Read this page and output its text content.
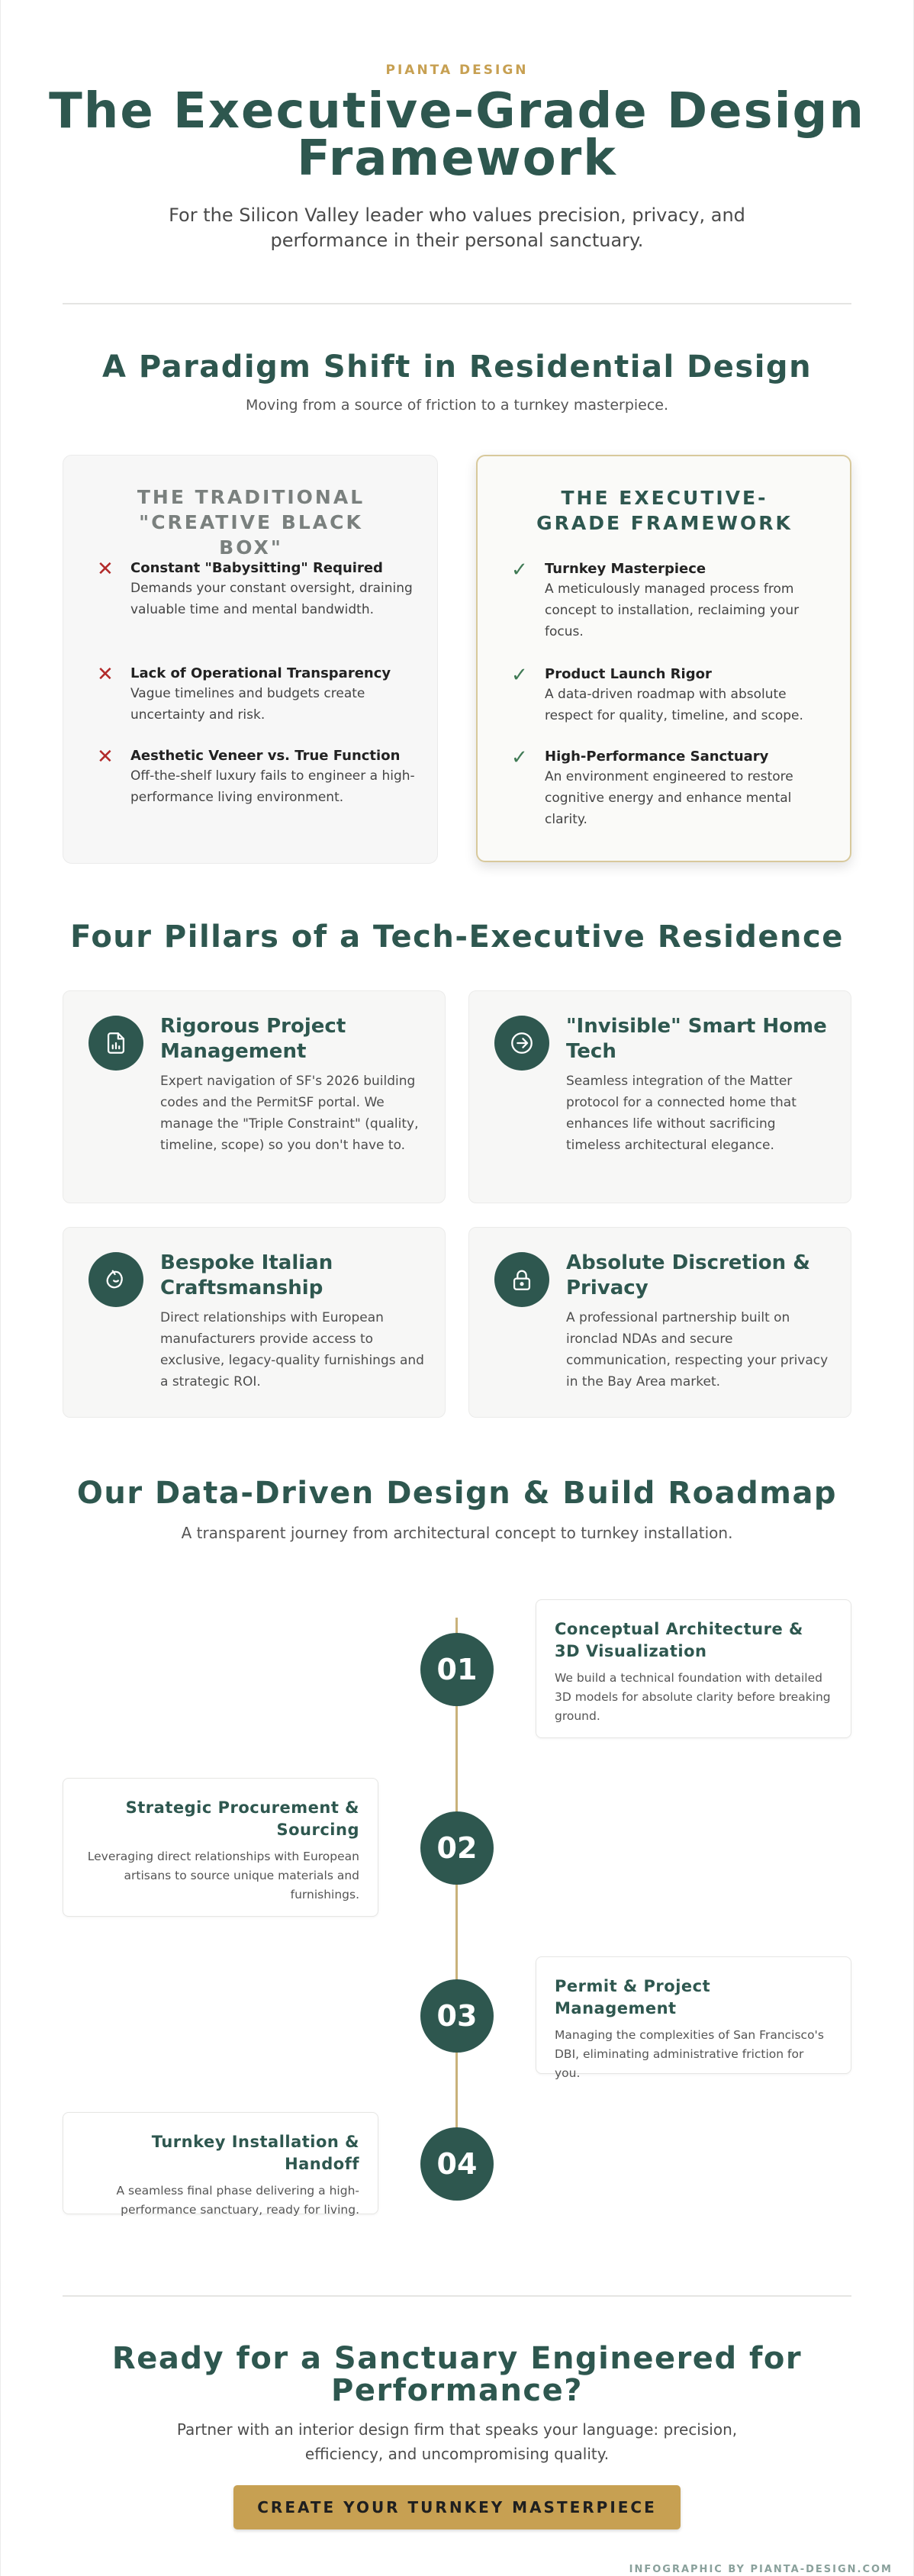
PIANTA DESIGN
The Executive-Grade Design Framework
For the Silicon Valley leader who values precision, privacy, and performance in their personal sanctuary.
A Paradigm Shift in Residential Design
Moving from a source of friction to a turnkey masterpiece.
THE TRADITIONAL "CREATIVE BLACK BOX"
✕ Constant "Babysitting" Required
Demands your constant oversight, draining valuable time and mental bandwidth.
✕ Lack of Operational Transparency
Vague timelines and budgets create uncertainty and risk.
✕ Aesthetic Veneer vs. True Function
Off-the-shelf luxury fails to engineer a high-performance living environment.
THE EXECUTIVE-GRADE FRAMEWORK
✓ Turnkey Masterpiece
A meticulously managed process from concept to installation, reclaiming your focus.
✓ Product Launch Rigor
A data-driven roadmap with absolute respect for quality, timeline, and scope.
✓ High-Performance Sanctuary
An environment engineered to restore cognitive energy and enhance mental clarity.
Four Pillars of a Tech-Executive Residence
Rigorous Project Management
Expert navigation of SF's 2026 building codes and the PermitSF portal. We manage the "Triple Constraint" (quality, timeline, scope) so you don't have to.
"Invisible" Smart Home Tech
Seamless integration of the Matter protocol for a connected home that enhances life without sacrificing timeless architectural elegance.
Bespoke Italian Craftsmanship
Direct relationships with European manufacturers provide access to exclusive, legacy-quality furnishings and a strategic ROI.
Absolute Discretion & Privacy
A professional partnership built on ironclad NDAs and secure communication, respecting your privacy in the Bay Area market.
Our Data-Driven Design & Build Roadmap
A transparent journey from architectural concept to turnkey installation.
01
02
03
04
Conceptual Architecture & 3D Visualization
We build a technical foundation with detailed 3D models for absolute clarity before breaking ground.
Strategic Procurement & Sourcing
Leveraging direct relationships with European artisans to source unique materials and furnishings.
Permit & Project Management
Managing the complexities of San Francisco's DBI, eliminating administrative friction for you.
Turnkey Installation & Handoff
A seamless final phase delivering a high-performance sanctuary, ready for living.
Ready for a Sanctuary Engineered for Performance?
Partner with an interior design firm that speaks your language: precision, efficiency, and uncompromising quality.
CREATE YOUR TURNKEY MASTERPIECE
INFOGRAPHIC BY PIANTA-DESIGN.COM
